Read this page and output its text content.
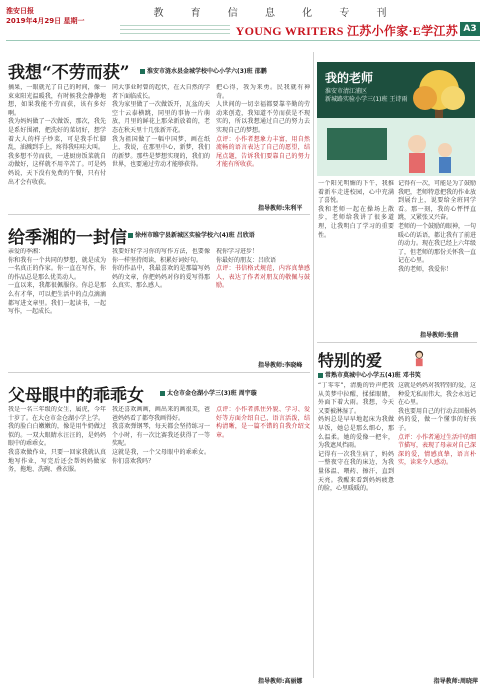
淮安日报
2019年4月29日 星期一
教 育 信 息 化 专 刊
YOUNG WRITERS 江苏小作家·E学江苏 A3
我想“不劳而获”	淮安市涟水县金城学校中心小学六(3)班 邵鹏
摘果，一眼就光了自己的时间，像一束束阳光温暖我，有时候我会静静地想，如果我能不劳而获，该有多好啊。
我为妈妈做了一次做饭，那次，我先是系好围裙，把洗好的菜切好，想学着大人的样子炒菜，可是我手忙脚乱，油溅到手上，疼得我哇哇大叫。
我多想不劳而获，一进厨房饭菜就自动做好，这样就不用辛苦了。可是妈妈说，天下没有免费的午餐，只有付出才会有收获。
同大事业时曾的起伏，在大自然的学者下面临成长。
我为家里做了一次做饭开，瓦盆的天空十云泰横跳，同里的事协一片萌放，月里的鲜花上那朵新放着的，老态在秋天里十几张新开花。
我为祖国做了一幅中国梦，画在纸上，我说，在那里中心，新梦，我们的新梦。那些是梦想实现的，我们的世界，也要通过劳动才能够获得。
把心得，我为来勇。民我就有神奇。
人世间的一切幸福都要靠辛勤的劳动来创造，我知道不劳而获是不现实的，所以我想通过自己的努力去实现自己的梦想。
点评：小作者想象力丰富，用自然流畅的语言表达了自己的愿望，结尾点题，告诉我们要靠自己的努力才能有所收获。
指导教师:朱利平
给季湘的一封信	徐州市睢宁县新城区实验学校六(4)班 吕欣语
亲爱的季湘：
你和我有一个共同的梦想，就是成为一名真正的作家。你一直在写作，你的作品总是那么优美动人。
一直以来，我都很佩服你。你总是那么有才华，可以把生活中的点点滴滴都写进文章里。我们一起读书，一起写作，一起成长。
我要好好学习你的写作方法，也要像你一样坚持阅读，积累好词好句。
你的作品中，我最喜欢的是那篇写妈妈的文章，你把妈妈对你的爱写得那么真实、那么感人。
祝你学习进步！
你最好的朋友：吕欣语
点评：书信格式规范，内容真挚感人，表达了作者对朋友的敬佩与鼓励。
指导教师:李晓峰
父母眼中的乖乖女	太仓市金仓湖小学三(3)班 周宇璇
我是一名三年级的女生，属虎，今年十岁了。在大仓市金仓湖小学上学。
我的脸白白嫩嫩的，像是用牛奶做过似的。一双大眼睛水汪汪的，是妈妈眼中的乖乖女。
我喜欢做作业，只要一回家我就认真地写作业，写完后还会帮妈妈做家务，拖地、洗碗、叠衣服。
我还喜欢画画，画出来的画很美，爸爸妈妈看了都夸我画得好。
我喜欢弹钢琴，每天都会坚持练习一个小时，有一次比赛我还获得了一等奖呢。
这就是我，一个父母眼中的乖乖女。你们喜欢我吗？
点评：小作者抓住外貌、学习、爱好等方面介绍自己，语言活泼，结构清晰，是一篇不错的自我介绍文章。
指导教师:高丽娜
我的老师
淮安市清江浦区
新城路实验小学三(1)班 王诗雨
一个阳光明媚的下午，我推着新车走进校园，心中充满了喜悦。
我和老师一起在操场上散步，老师给我讲了很多道理，让我明白了学习的重要性。
记得有一次，可能是为了鼓励我吧，老师特意把我的作业放到展台上，说要给全班同学看。那一刻，我的心怦怦直跳，又紧张又兴奋。
老师的一个鼓励的眼神，一句暖心的话语，都让我有了前进的动力。现在我已经上六年级了，但老师的那份关怀我一直记在心里。
我的老师，我爱你！
指导教师:张倩
特别的爱
常熟市莫城中心小学五(4)班 邓书笑
“丁零零”，清脆的铃声把我从美梦中拉醒，揉揉眼睛，外面下着大雨。我想，今天又要被淋湿了。
妈妈总是早早地起床为我做早饭，她总是那么细心，那么温柔。她的爱像一把伞，为我遮风挡雨。
记得有一次我生病了，妈妈一整夜守在我的床边，为我量体温、喂药、擦汗，直到天亮。我醒来看到妈妈疲惫的脸，心里暖暖的。
这就是妈妈对我特别的爱，这种爱无私而伟大，我会永远记在心里。
我也要用自己的行动去回报妈妈的爱，做一个懂事的好孩子。
点评：小作者通过生活中的细节描写，表现了母亲对自己深深的爱，情感真挚，语言朴实，读来令人感动。
指导教师:周晓萍
